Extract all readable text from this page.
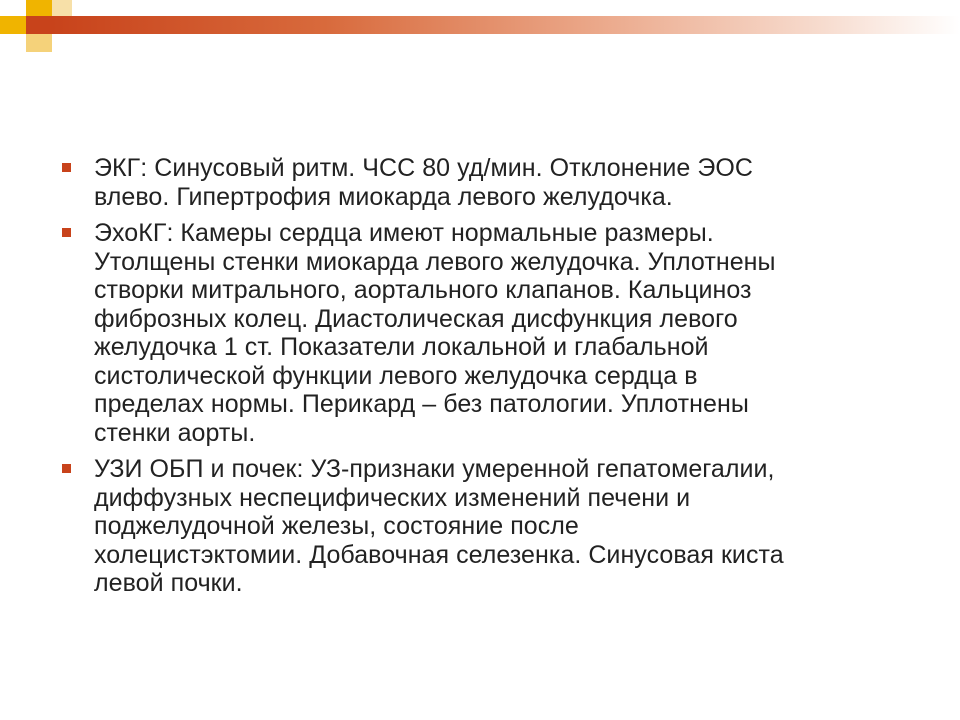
ЭКГ: Синусовый ритм. ЧСС 80 уд/мин. Отклонение ЭОС
влево. Гипертрофия миокарда левого желудочка.
ЭхоКГ: Камеры сердца имеют нормальные размеры.
Утолщены стенки миокарда левого желудочка. Уплотнены
створки митрального, аортального клапанов. Кальциноз
фиброзных колец. Диастолическая дисфункция левого
желудочка 1 ст. Показатели локальной и глабальной
систолической функции левого желудочка сердца в
пределах нормы. Перикард – без патологии. Уплотнены
стенки аорты.
УЗИ ОБП и почек: УЗ-признаки умеренной гепатомегалии,
диффузных неспецифических изменений печени и
поджелудочной железы, состояние после
холецистэктомии. Добавочная селезенка. Синусовая киста
левой почки.
